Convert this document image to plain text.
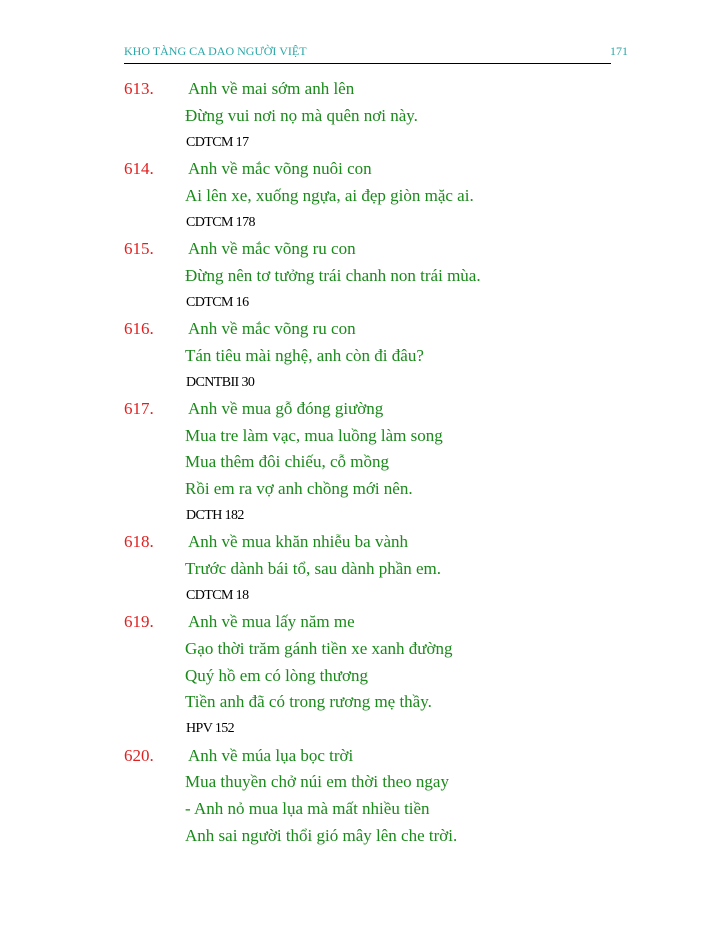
KHO TÀNG CA DAO NGƯỜI VIỆT	171
613. Anh về mai sớm anh lên
Đừng vui nơi nọ mà quên nơi này.
CDTCM 17
614. Anh về mắc võng nuôi con
Ai lên xe, xuống ngựa, ai đẹp giòn mặc ai.
CDTCM 178
615. Anh về mắc võng ru con
Đừng nên tơ tưởng trái chanh non trái mùa.
CDTCM 16
616. Anh về mắc võng ru con
Tán tiêu mài nghệ, anh còn đi đâu?
DCNTBII 30
617. Anh về mua gỗ đóng giường
Mua tre làm vạc, mua luồng làm song
Mua thêm đôi chiếu, cỗ mồng
Rồi em ra vợ anh chồng mới nên.
DCTH 182
618. Anh về mua khăn nhiễu ba vành
Trước dành bái tổ, sau dành phần em.
CDTCM 18
619. Anh về mua lấy năm me
Gạo thời trăm gánh tiền xe xanh đường
Quý hồ em có lòng thương
Tiền anh đã có trong rương mẹ thầy.
HPV 152
620. Anh về múa lụa bọc trời
Mua thuyền chở núi em thời theo ngay
- Anh nỏ mua lụa mà mất nhiều tiền
Anh sai người thổi gió mây lên che trời.
